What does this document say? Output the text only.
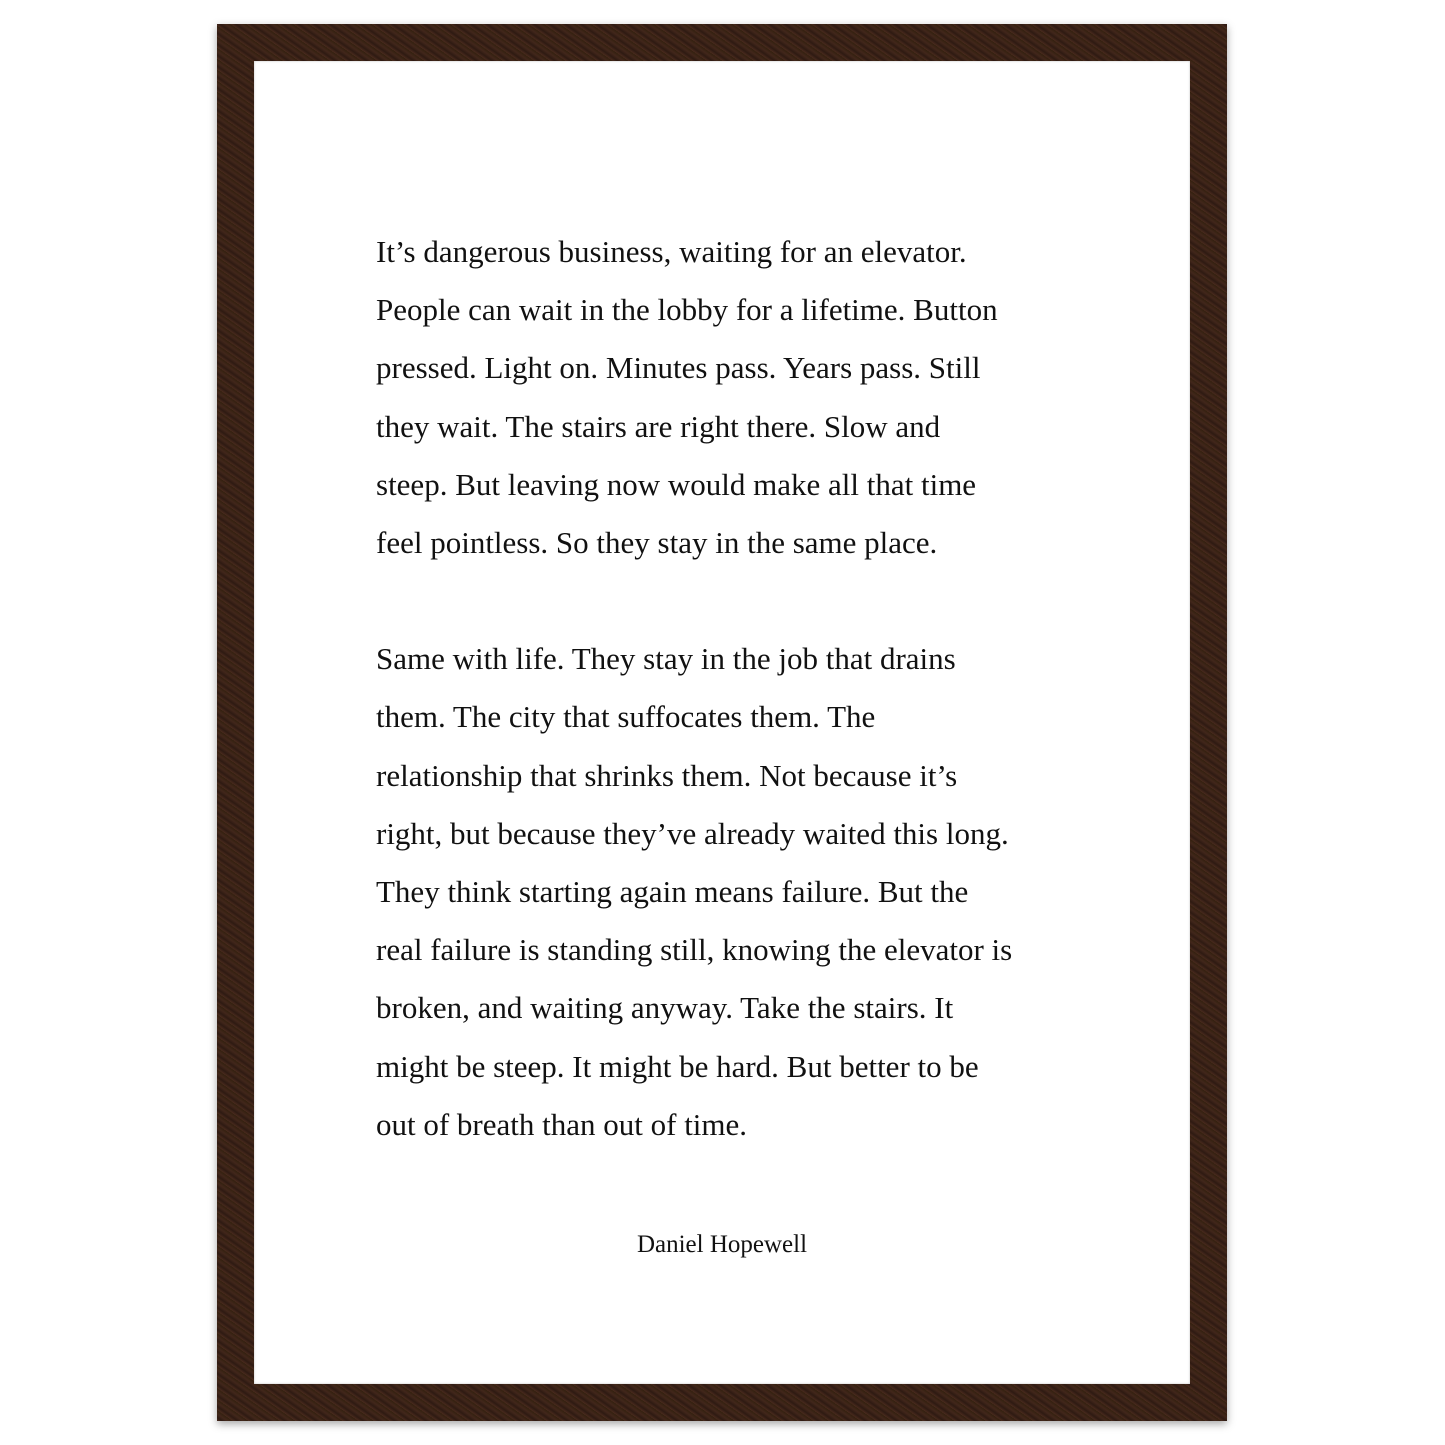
It’s dangerous business, waiting for an elevator.

People can wait in the lobby for a lifetime. Button

pressed. Light on. Minutes pass. Years pass. Still

they wait. The stairs are right there. Slow and

steep. But leaving now would make all that time

feel pointless. So they stay in the same place.

Same with life. They stay in the job that drains

them. The city that suffocates them. The

relationship that shrinks them. Not because it’s

right, but because they’ve already waited this long.

They think starting again means failure. But the

real failure is standing still, knowing the elevator is

broken, and waiting anyway. Take the stairs. It

might be steep. It might be hard. But better to be

out of breath than out of time.

Daniel Hopewell
